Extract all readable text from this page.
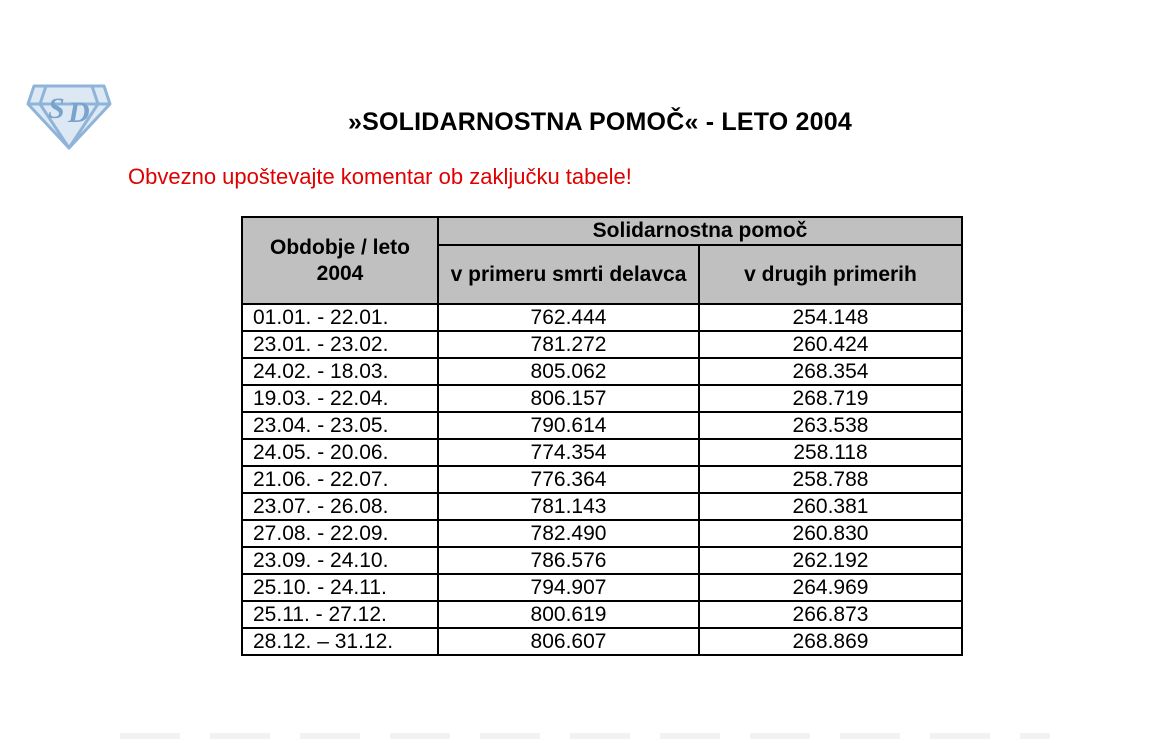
S D	»SOLIDARNOSTNA POMOČ« - LETO 2004
Obvezno upoštevajte komentar ob zaključku tabele!
Obdobje / leto 2004	Solidarnostna pomoč	
	v primeru smrti delavca	v drugih primerih
01.01. - 22.01.	762.444	254.148
23.01. - 23.02.	781.272	260.424
24.02. - 18.03.	805.062	268.354
19.03. - 22.04.	806.157	268.719
23.04. - 23.05.	790.614	263.538
24.05. - 20.06.	774.354	258.118
21.06. - 22.07.	776.364	258.788
23.07. - 26.08.	781.143	260.381
27.08. - 22.09.	782.490	260.830
23.09. - 24.10.	786.576	262.192
25.10. - 24.11.	794.907	264.969
25.11. - 27.12.	800.619	266.873
28.12. – 31.12.	806.607	268.869
